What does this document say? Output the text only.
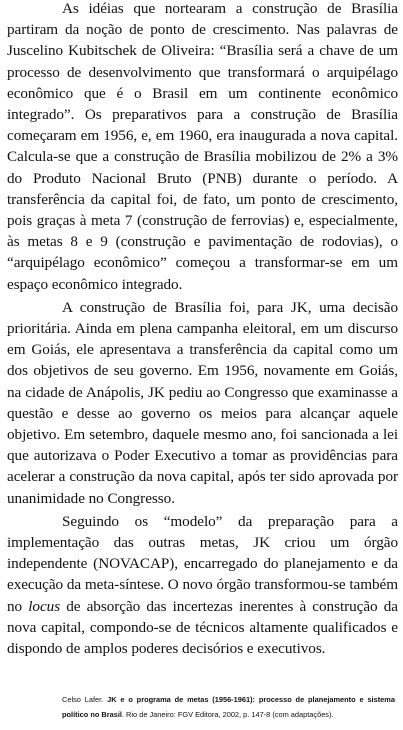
As idéias que nortearam a construção de Brasília partiram da noção de ponto de crescimento. Nas palavras de Juscelino Kubitschek de Oliveira: “Brasília será a chave de um processo de desenvolvimento que transformará o arquipélago econômico que é o Brasil em um continente econômico integrado”. Os preparativos para a construção de Brasília começaram em 1956, e, em 1960, era inaugurada a nova capital. Calcula-se que a construção de Brasília mobilizou de 2% a 3% do Produto Nacional Bruto (PNB) durante o período. A transferência da capital foi, de fato, um ponto de crescimento, pois graças à meta 7 (construção de ferrovias) e, especialmente, às metas 8 e 9 (construção e pavimentação de rodovias), o “arquipélago econômico” começou a transformar-se em um espaço econômico integrado.

A construção de Brasília foi, para JK, uma decisão prioritária. Ainda em plena campanha eleitoral, em um discurso em Goiás, ele apresentava a transferência da capital como um dos objetivos de seu governo. Em 1956, novamente em Goiás, na cidade de Anápolis, JK pediu ao Congresso que examinasse a questão e desse ao governo os meios para alcançar aquele objetivo. Em setembro, daquele mesmo ano, foi sancionada a lei que autorizava o Poder Executivo a tomar as providências para acelerar a construção da nova capital, após ter sido aprovada por unanimidade no Congresso.

Seguindo os “modelo” da preparação para a implementação das outras metas, JK criou um órgão independente (NOVACAP), encarregado do planejamento e da execução da meta-síntese. O novo órgão transformou-se também no locus de absorção das incertezas inerentes à construção da nova capital, compondo-se de técnicos altamente qualificados e dispondo de amplos poderes decisórios e executivos.

Celso Lafer. JK e o programa de metas (1956-1961): processo de planejamento e sistema político no Brasil. Rio de Janeiro: FGV Editora, 2002, p. 147-8 (com adaptações).
